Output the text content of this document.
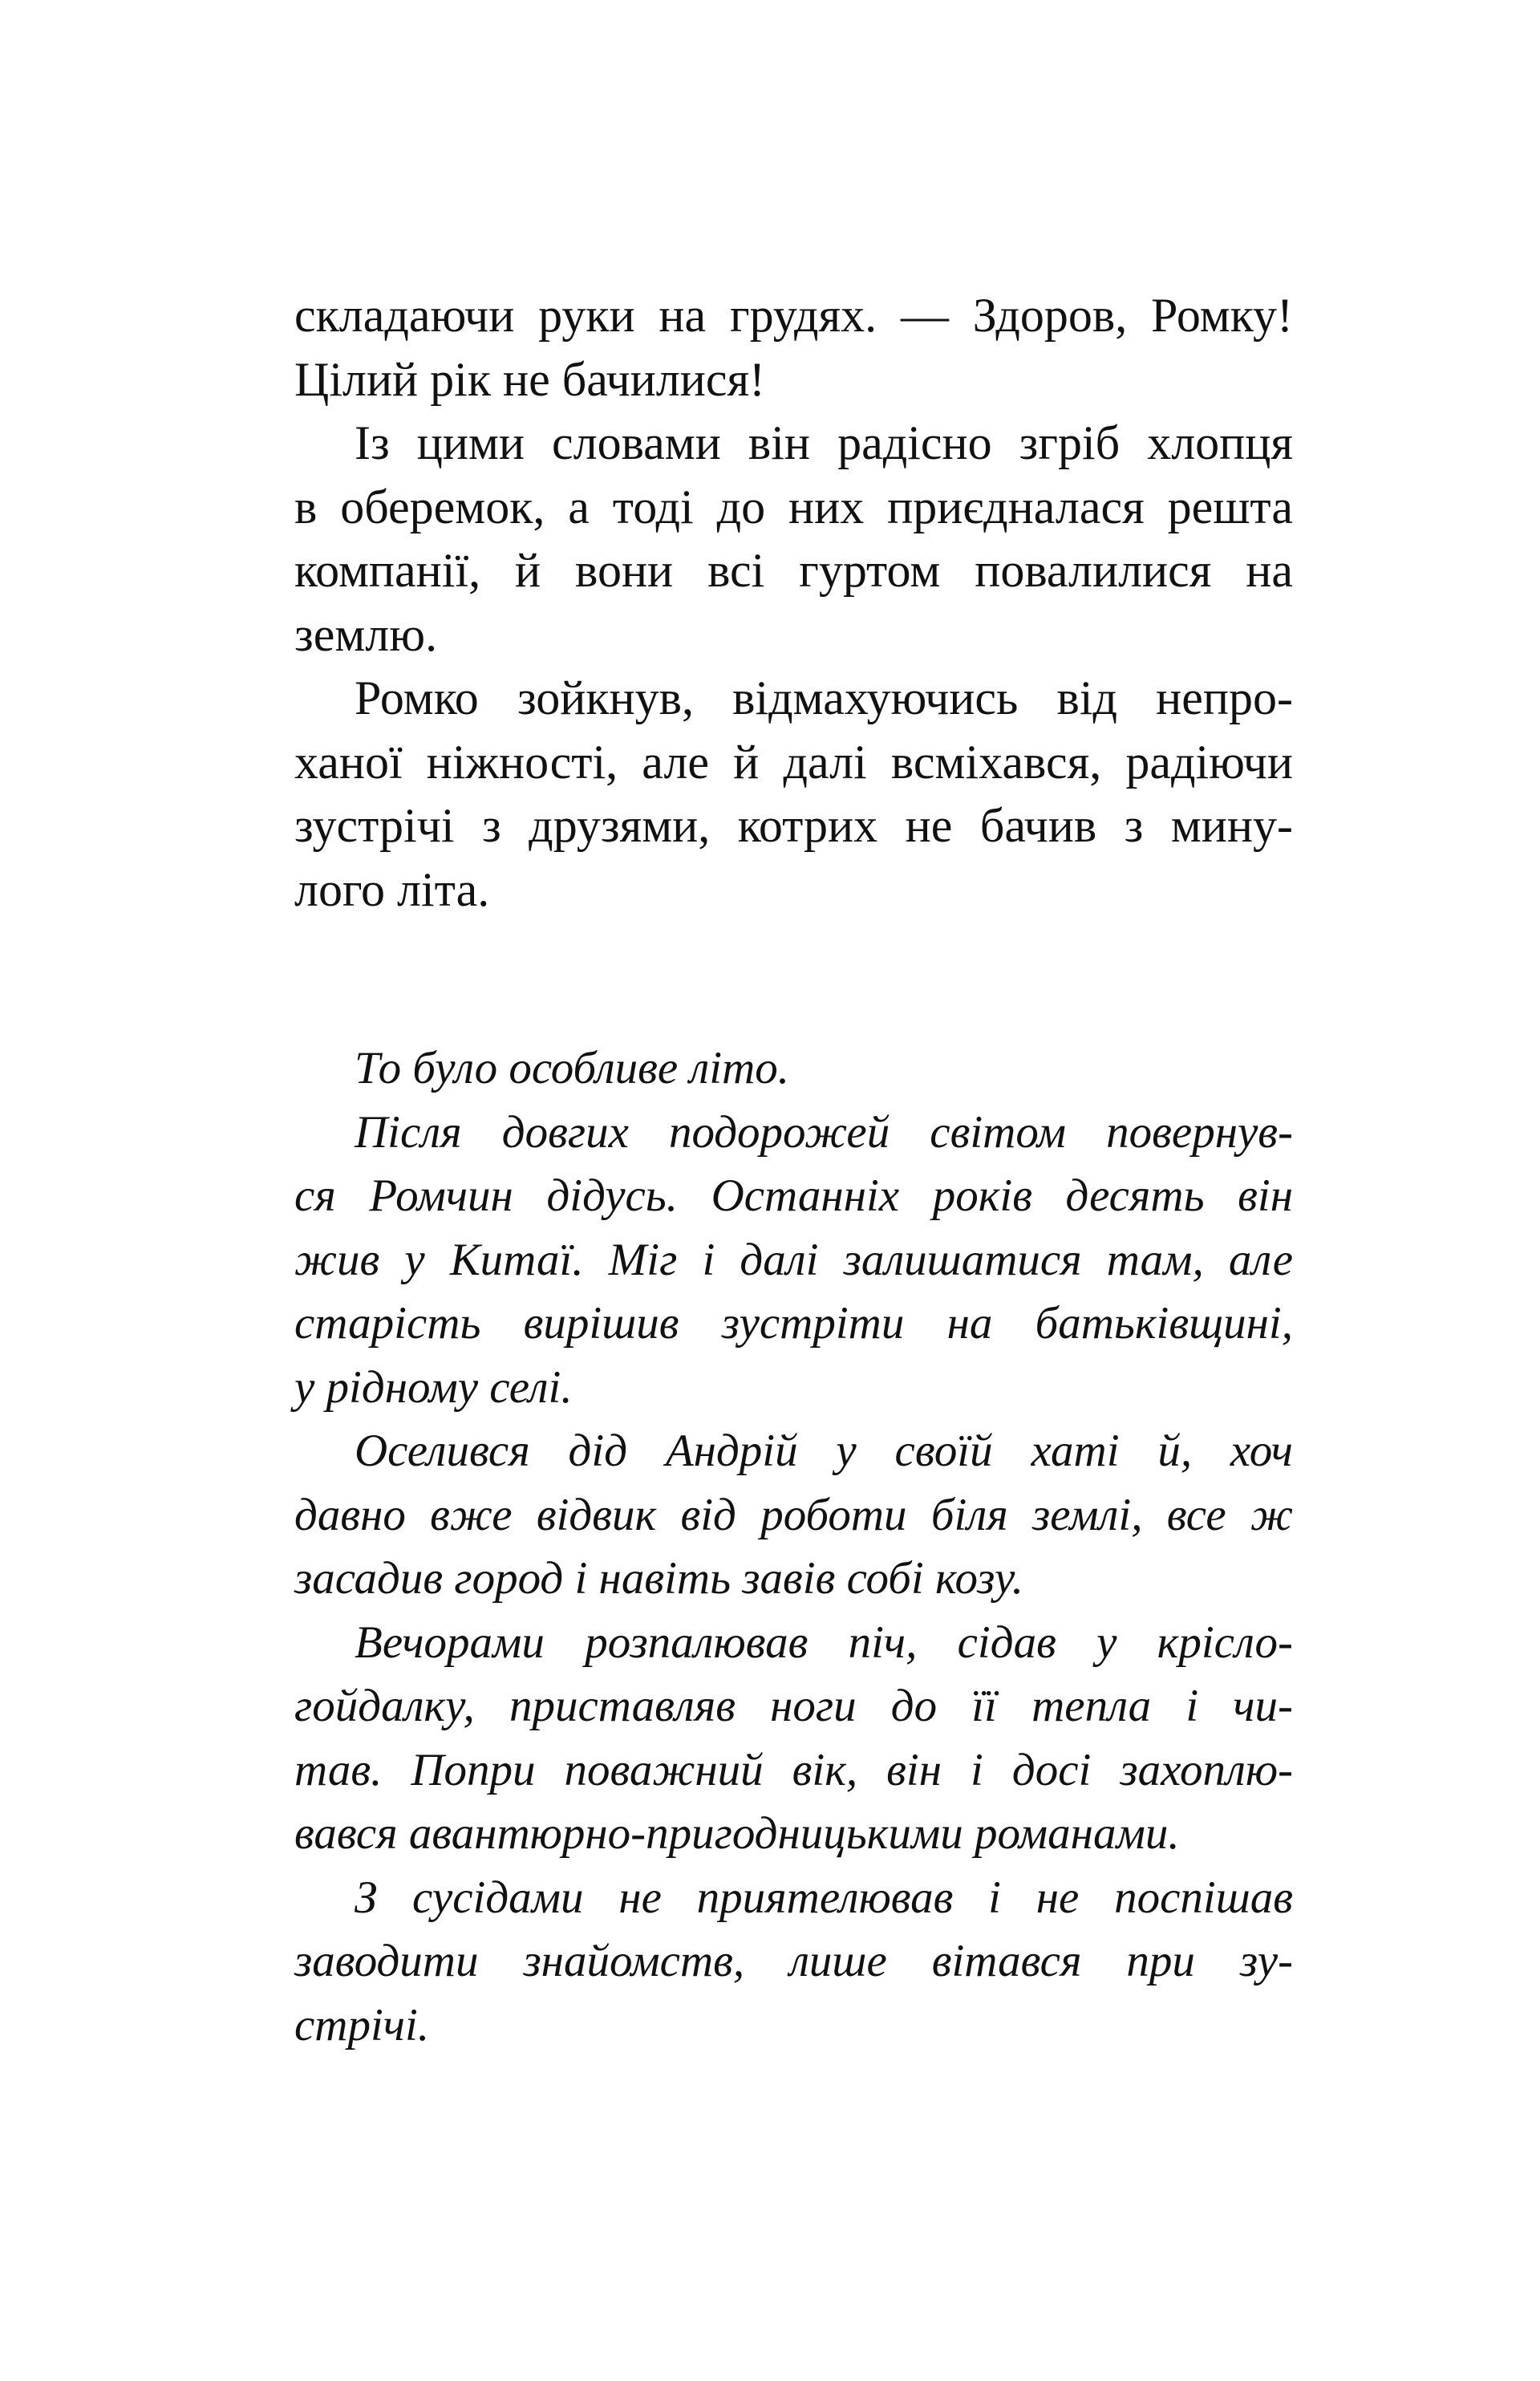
складаючи руки на грудях. — Здоров, Ромку!
Цілий рік не бачилися!
Із цими словами він радісно згріб хлопця
в оберемок, а тоді до них приєдналася решта
компанії, й вони всі гуртом повалилися на
землю.
Ромко зойкнув, відмахуючись від непро-
ханої ніжності, але й далі всміхався, радіючи
зустрічі з друзями, котрих не бачив з мину-
лого літа.
То було особливе літо.
Після довгих подорожей світом повернув-
ся Ромчин дідусь. Останніх років десять він
жив у Китаї. Міг і далі залишатися там, але
старість вирішив зустріти на батьківщині,
у рідному селі.
Оселився дід Андрій у своїй хаті й, хоч
давно вже відвик від роботи біля землі, все ж
засадив город і навіть завів собі козу.
Вечорами розпалював піч, сідав у крісло-
гойдалку, приставляв ноги до її тепла і чи-
тав. Попри поважний вік, він і досі захоплю-
вався авантюрно-пригодницькими романами.
З сусідами не приятелював і не поспішав
заводити знайомств, лише вітався при зу-
стрічі.
